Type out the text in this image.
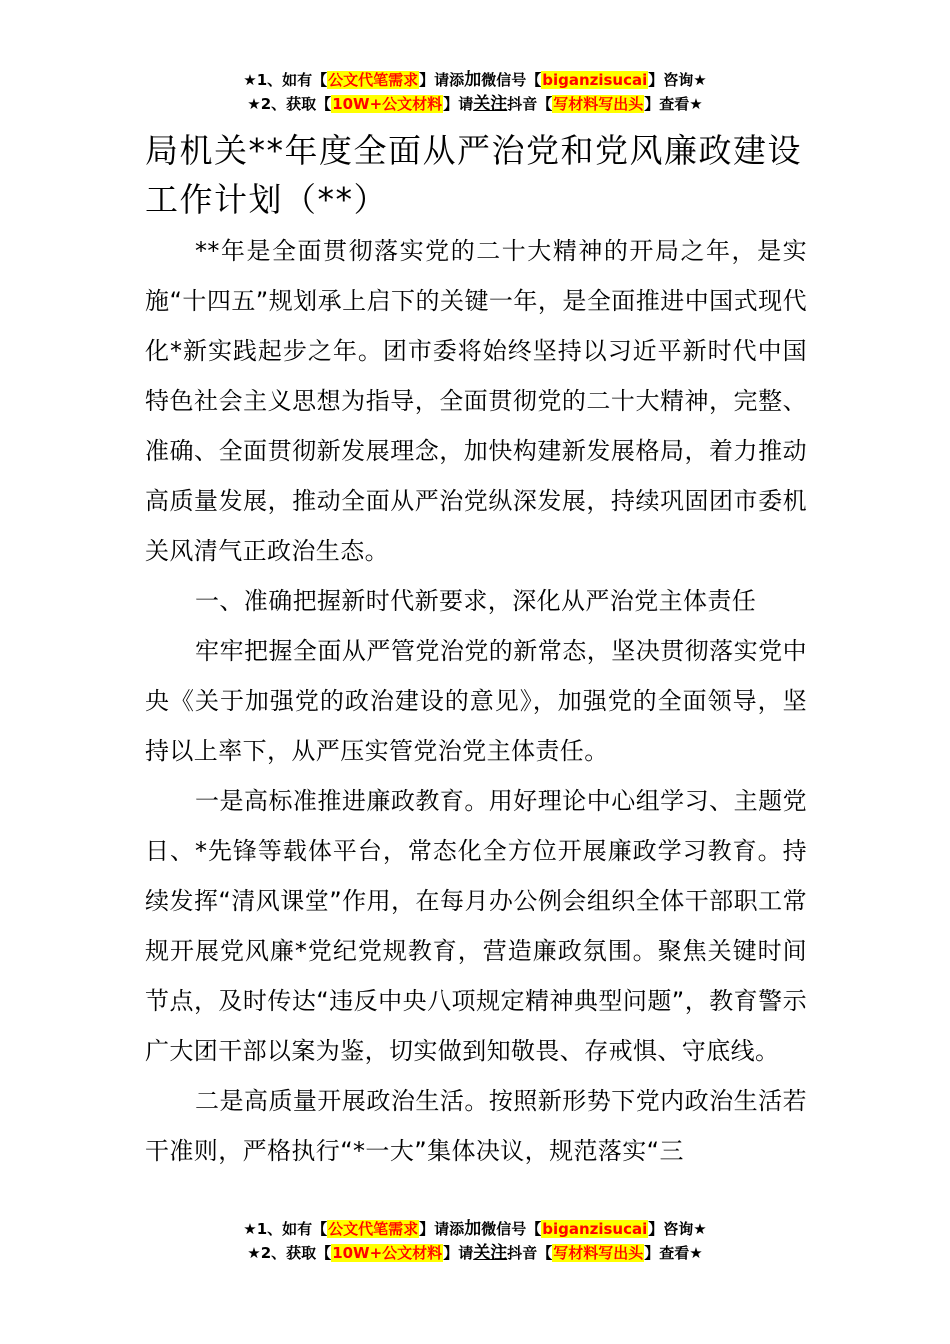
★1、如有【公文代笔需求】请添加微信号【biganzisucai】咨询★
★2、获取【10W+公文材料】请关注抖音【写材料写出头】查看★
局机关**年度全面从严治党和党风廉政建设工作计划（**）

**年是全面贯彻落实党的二十大精神的开局之年，是实施“十四五”规划承上启下的关键一年，是全面推进中国式现代化*新实践起步之年。团市委将始终坚持以习近平新时代中国特色社会主义思想为指导，全面贯彻党的二十大精神，完整、准确、全面贯彻新发展理念，加快构建新发展格局，着力推动高质量发展，推动全面从严治党纵深发展，持续巩固团市委机关风清气正政治生态。

一、准确把握新时代新要求，深化从严治党主体责任

牢牢把握全面从严管党治党的新常态，坚决贯彻落实党中央《关于加强党的政治建设的意见》，加强党的全面领导，坚持以上率下，从严压实管党治党主体责任。

一是高标准推进廉政教育。用好理论中心组学习、主题党日、*先锋等载体平台，常态化全方位开展廉政学习教育。持续发挥“清风课堂”作用，在每月办公例会组织全体干部职工常规开展党风廉*党纪党规教育，营造廉政氛围。聚焦关键时间节点，及时传达“违反中央八项规定精神典型问题”，教育警示广大团干部以案为鉴，切实做到知敬畏、存戒惧、守底线。

二是高质量开展政治生活。按照新形势下党内政治生活若干准则，严格执行“*一大”集体决议，规范落实“三

★1、如有【公文代笔需求】请添加微信号【biganzisucai】咨询★
★2、获取【10W+公文材料】请关注抖音【写材料写出头】查看★
